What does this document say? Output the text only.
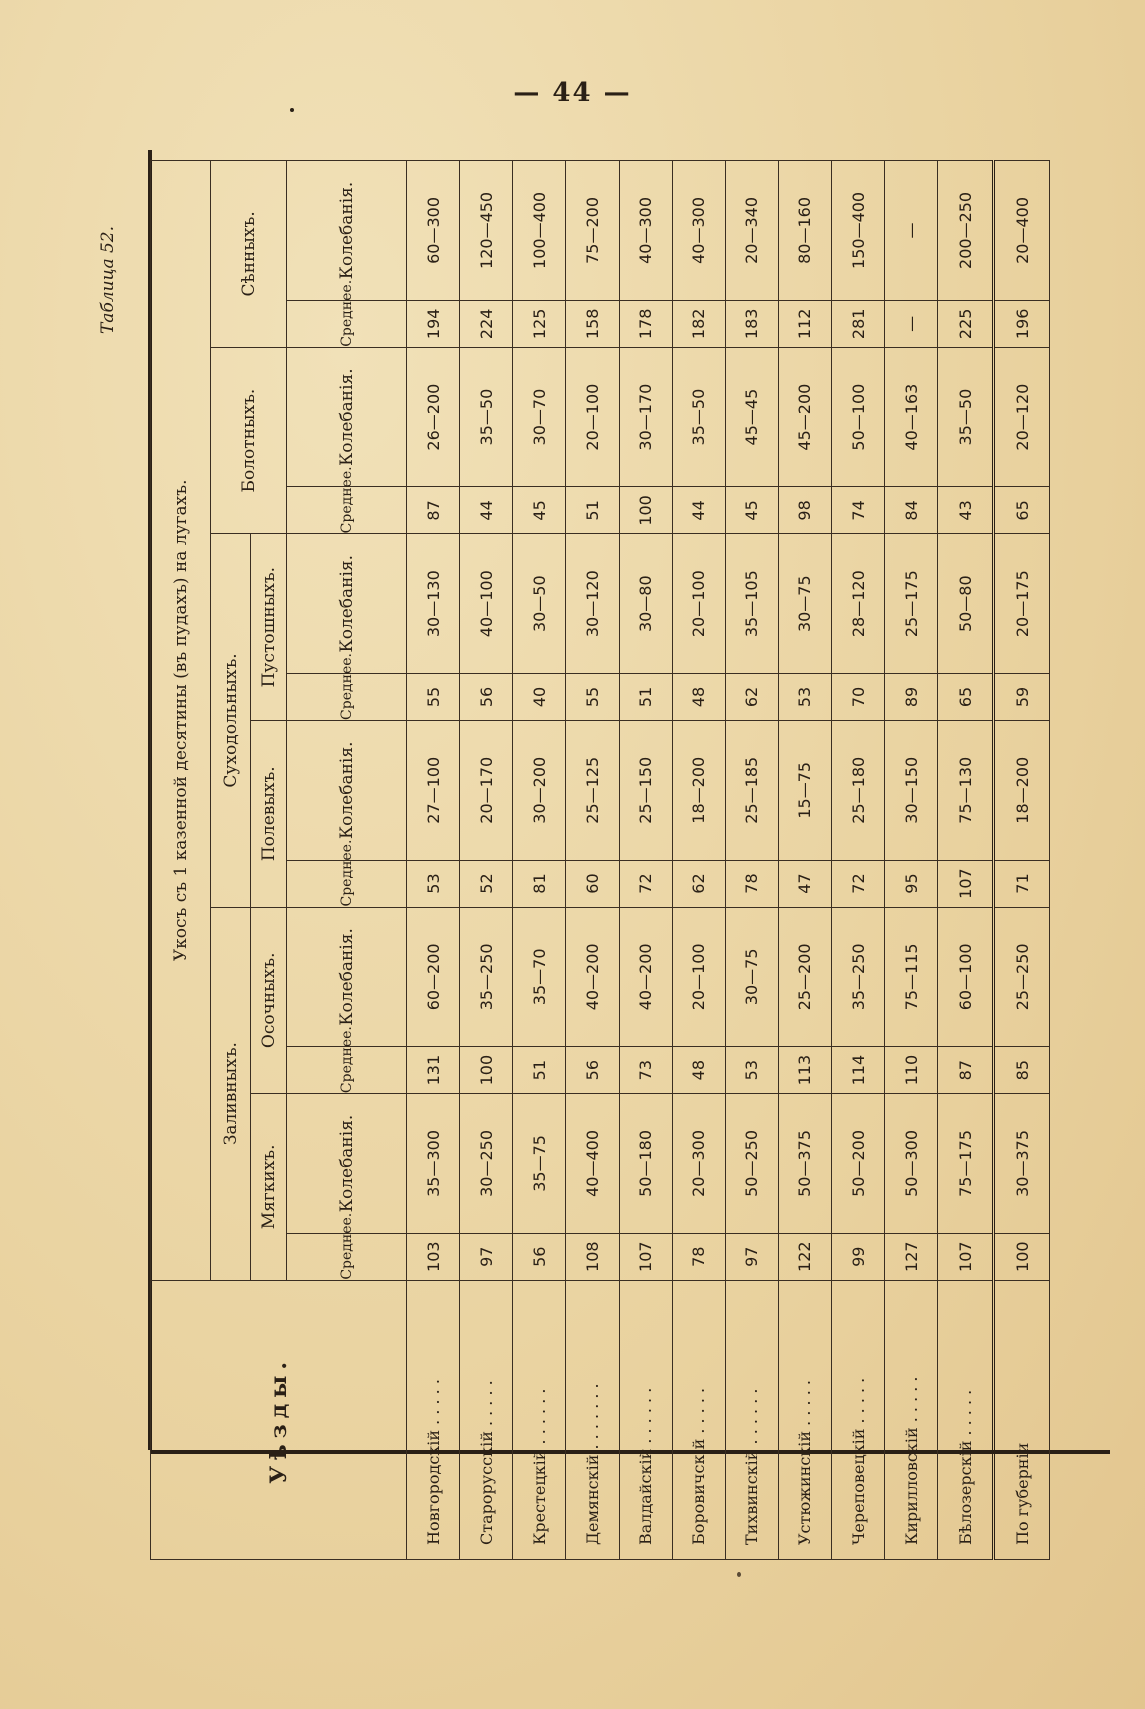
— 44 —
Таблица 52.
Уѣзды.	Укосъ съ 1 казенной десятины (въ пудахъ) на лугахъ.											
	Заливныхъ.				Суходольныхъ.				Болотныхъ.		Сѣнныхъ.	
	Мягкихъ.		Осочныхъ.		Полевыхъ.		Пустошныхъ.					
	Среднее.	Колебанія.	Среднее.	Колебанія.	Среднее.	Колебанія.	Среднее.	Колебанія.	Среднее.	Колебанія.	Среднее.	Колебанія.
Новгородскій . . . . .	103	35—300	131	60—200	53	27—100	55	30—130	87	26—200	194	60—300
Старорусскій . . . . .	97	30—250	100	35—250	52	20—170	56	40—100	44	35—50	224	120—450
Крестецкій . . . . . .	56	35—75	51	35—70	81	30—200	40	30—50	45	30—70	125	100—400
Демянскій . . . . . . .	108	40—400	56	40—200	60	25—125	55	30—120	51	20—100	158	75—200
Валдайскій . . . . . .	107	50—180	73	40—200	72	25—150	51	30—80	100	30—170	178	40—300
Боровичскій . . . . .	78	20—300	48	20—100	62	18—200	48	20—100	44	35—50	182	40—300
Тихвинскій . . . . . .	97	50—250	53	30—75	78	25—185	62	35—105	45	45—45	183	20—340
Устюжинскій . . . . .	122	50—375	113	25—200	47	15—75	53	30—75	98	45—200	112	80—160
Череповецкій . . . . .	99	50—200	114	35—250	72	25—180	70	28—120	74	50—100	281	150—400
Кирилловскій . . . . .	127	50—300	110	75—115	95	30—150	89	25—175	84	40—163	—	—
Бѣлозерскій . . . . .	107	75—175	87	60—100	107	75—130	65	50—80	43	35—50	225	200—250
По губерніи	100	30—375	85	25—250	71	18—200	59	20—175	65	20—120	196	20—400
